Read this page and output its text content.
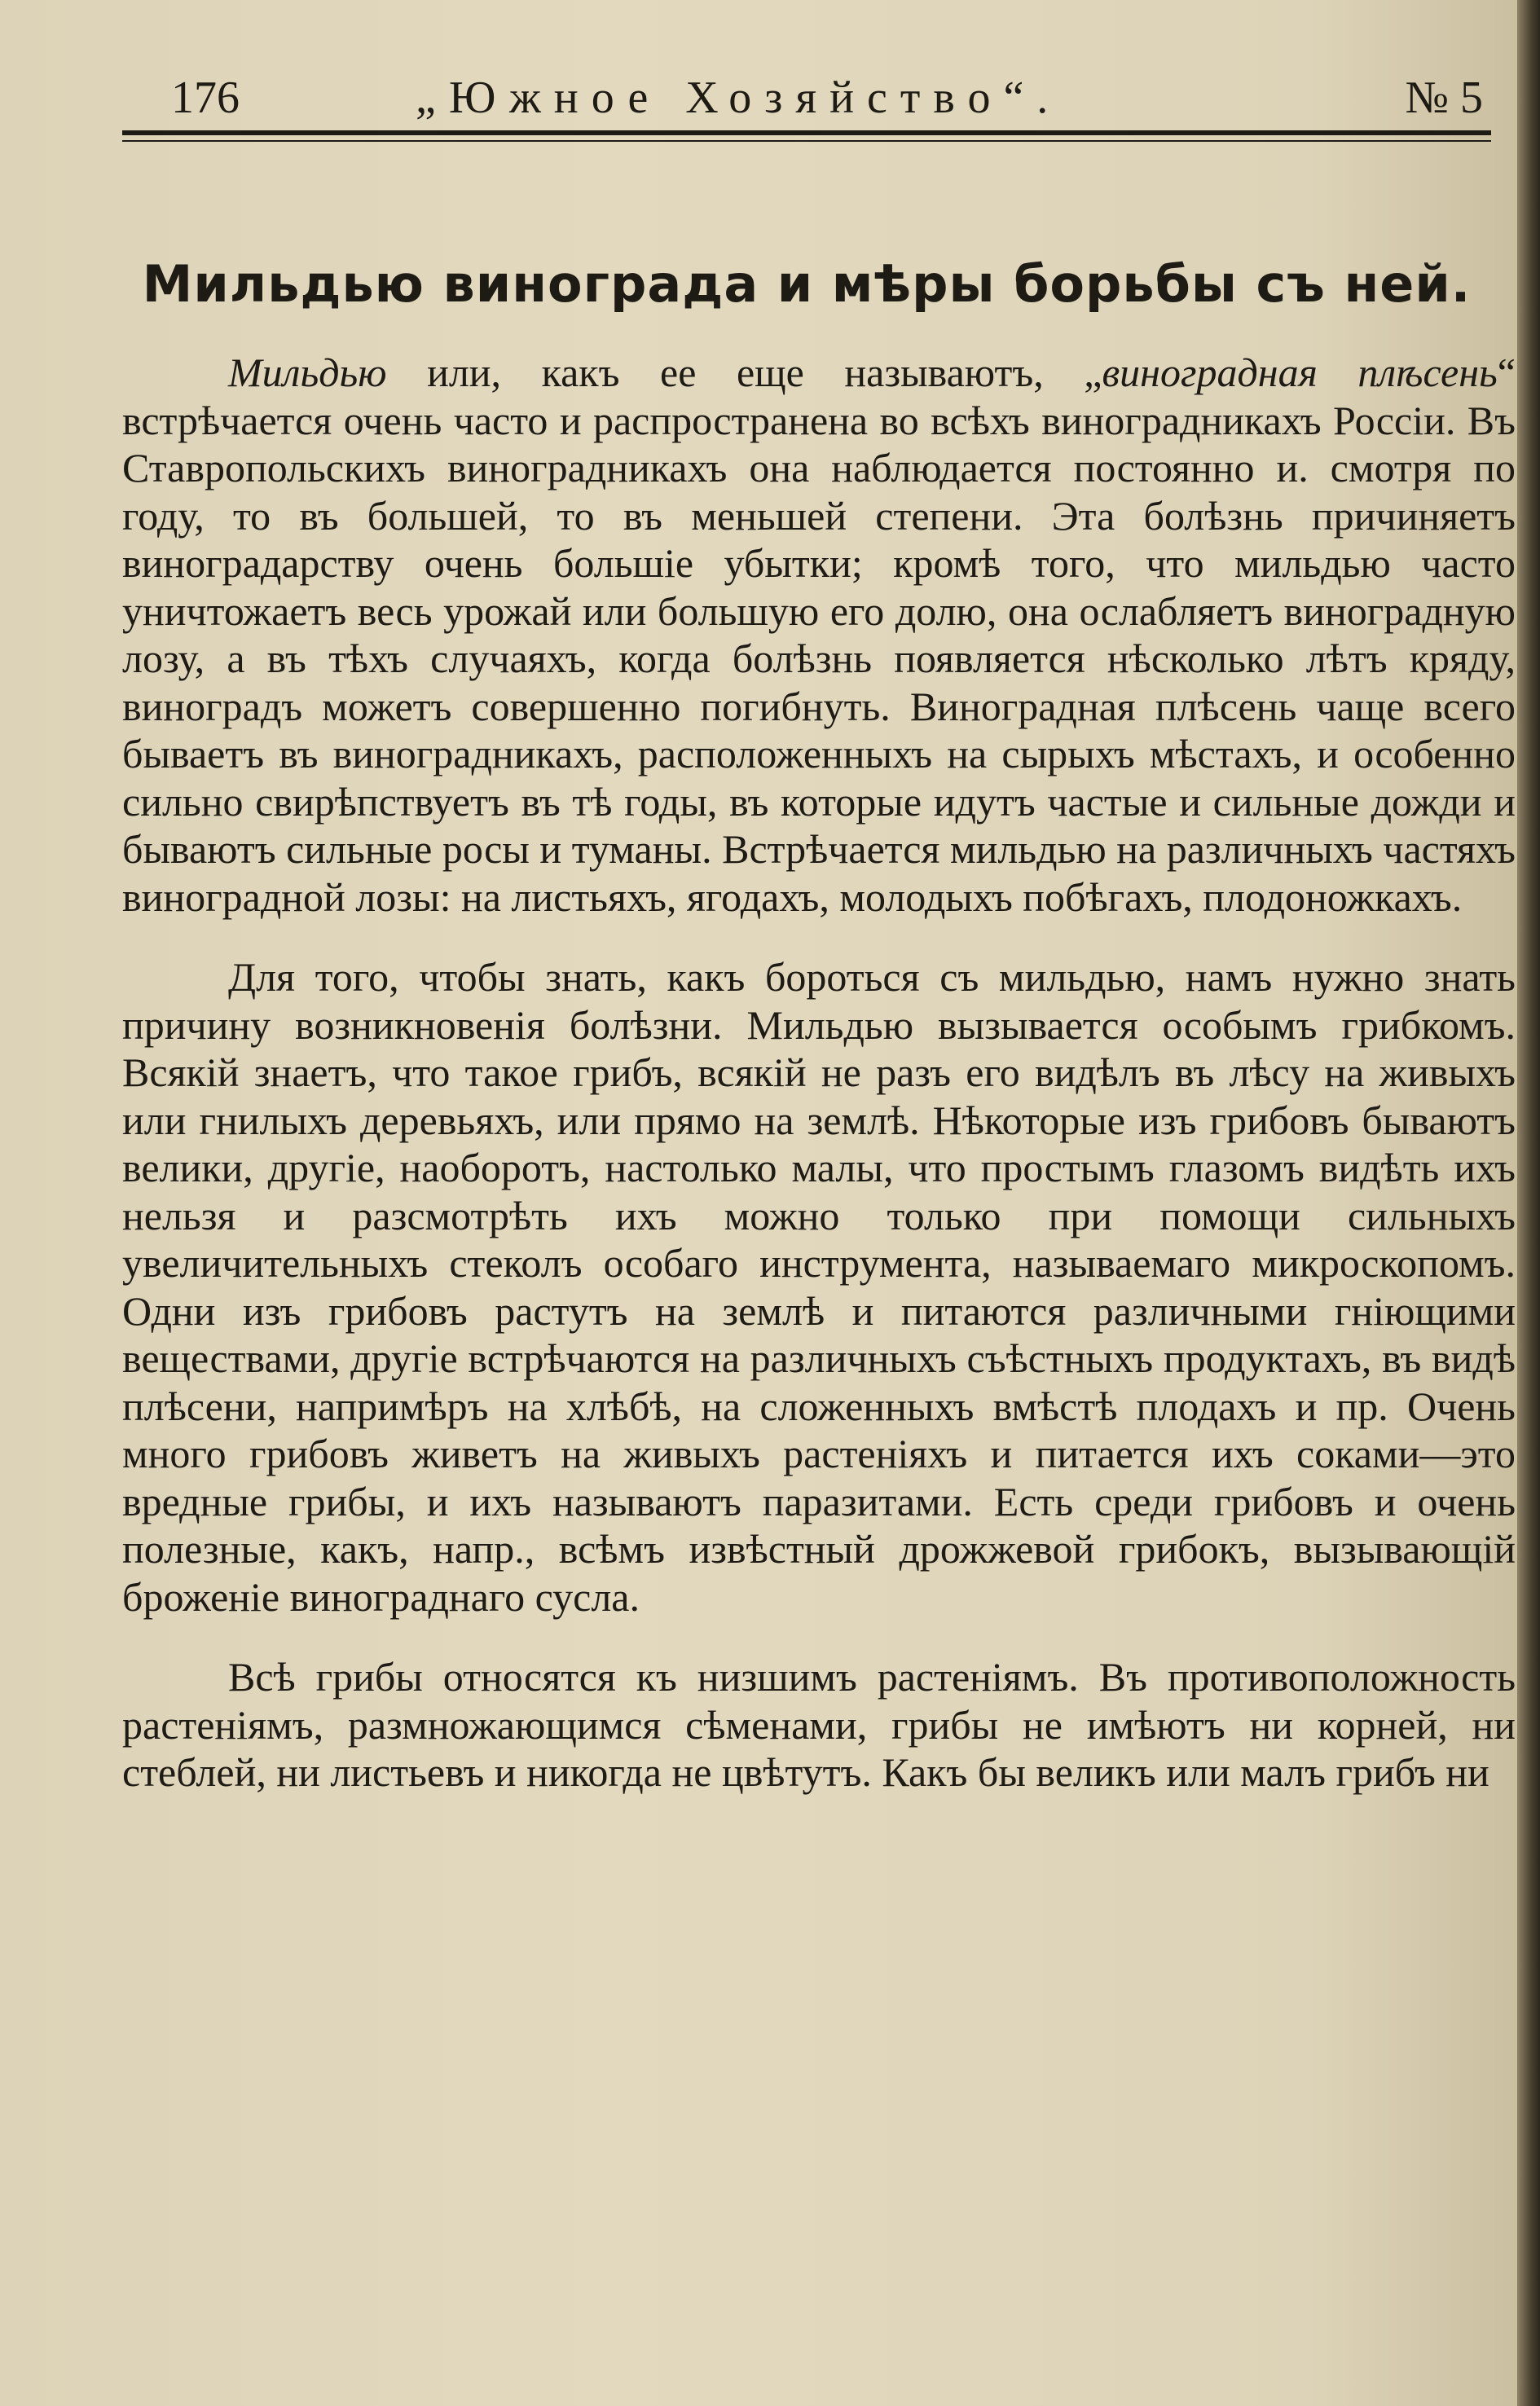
176	„Южное Хозяйство“.	№ 5
Мильдью винограда и мѣры борьбы съ ней.

Мильдью или, какъ ее еще называютъ, „виноградная плѣсень“ встрѣчается очень часто и распространена во всѣхъ виноградникахъ Россіи. Въ Ставропольскихъ виноградникахъ она наблюдается постоянно и. смотря по году, то въ большей, то въ меньшей степени. Эта болѣзнь причиняетъ виноградарству очень большіе убытки; кромѣ того, что мильдью часто уничтожаетъ весь урожай или большую его долю, она ослабляетъ виноградную лозу, а въ тѣхъ случаяхъ, когда болѣзнь появляется нѣсколько лѣтъ кряду, виноградъ можетъ совершенно погибнуть. Виноградная плѣсень чаще всего бываетъ въ виноградникахъ, расположенныхъ на сырыхъ мѣстахъ, и особенно сильно свирѣпствуетъ въ тѣ годы, въ которые идутъ частые и сильные дожди и бываютъ сильные росы и туманы. Встрѣчается мильдью на различныхъ частяхъ виноградной лозы: на листьяхъ, ягодахъ, молодыхъ побѣгахъ, плодоножкахъ.

Для того, чтобы знать, какъ бороться съ мильдью, намъ нужно знать причину возникновенія болѣзни. Мильдью вызывается особымъ грибкомъ. Всякій знаетъ, что такое грибъ, всякій не разъ его видѣлъ въ лѣсу на живыхъ или гнилыхъ деревьяхъ, или прямо на землѣ. Нѣкоторые изъ грибовъ бываютъ велики, другіе, наоборотъ, настолько малы, что простымъ глазомъ видѣть ихъ нельзя и разсмотрѣть ихъ можно только при помощи сильныхъ увеличительныхъ стеколъ особаго инструмента, называемаго микроскопомъ. Одни изъ грибовъ растутъ на землѣ и питаются различными гніющими веществами, другіе встрѣчаются на различныхъ съѣстныхъ продуктахъ, въ видѣ плѣсени, напримѣръ на хлѣбѣ, на сложенныхъ вмѣстѣ плодахъ и пр. Очень много грибовъ живетъ на живыхъ растеніяхъ и питается ихъ соками—это вредные грибы, и ихъ называютъ паразитами. Есть среди грибовъ и очень полезные, какъ, напр., всѣмъ извѣстный дрожжевой грибокъ, вызывающій броженіе винограднаго сусла.

Всѣ грибы относятся къ низшимъ растеніямъ. Въ противоположность растеніямъ, размножающимся сѣменами, грибы не имѣютъ ни корней, ни стеблей, ни листьевъ и никогда не цвѣтутъ. Какъ бы великъ или малъ грибъ ни
